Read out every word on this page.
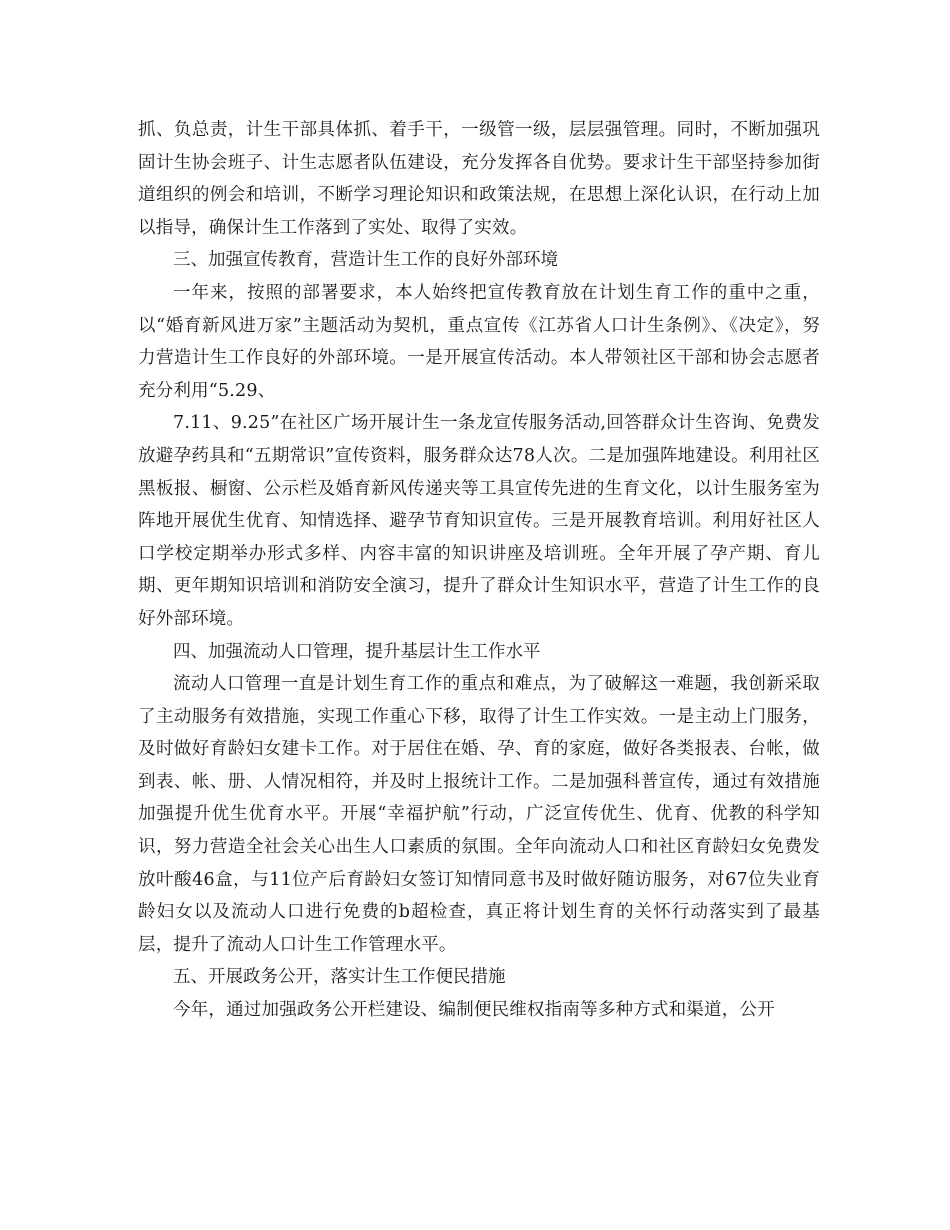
抓、负总责，计生干部具体抓、着手干，一级管一级，层层强管理。同时，不断加强巩固计生协会班子、计生志愿者队伍建设，充分发挥各自优势。要求计生干部坚持参加街道组织的例会和培训，不断学习理论知识和政策法规，在思想上深化认识，在行动上加以指导，确保计生工作落到了实处、取得了实效。

三、加强宣传教育，营造计生工作的良好外部环境

一年来，按照的部署要求，本人始终把宣传教育放在计划生育工作的重中之重，以“婚育新风进万家”主题活动为契机，重点宣传《江苏省人口计生条例》、《决定》，努力营造计生工作良好的外部环境。一是开展宣传活动。本人带领社区干部和协会志愿者充分利用“5.29、

7.11、9.25”在社区广场开展计生一条龙宣传服务活动,回答群众计生咨询、免费发放避孕药具和“五期常识”宣传资料，服务群众达78人次。二是加强阵地建设。利用社区黑板报、橱窗、公示栏及婚育新风传递夹等工具宣传先进的生育文化，以计生服务室为阵地开展优生优育、知情选择、避孕节育知识宣传。三是开展教育培训。利用好社区人口学校定期举办形式多样、内容丰富的知识讲座及培训班。全年开展了孕产期、育儿期、更年期知识培训和消防安全演习，提升了群众计生知识水平，营造了计生工作的良好外部环境。

四、加强流动人口管理，提升基层计生工作水平

流动人口管理一直是计划生育工作的重点和难点，为了破解这一难题，我创新采取了主动服务有效措施，实现工作重心下移，取得了计生工作实效。一是主动上门服务，及时做好育龄妇女建卡工作。对于居住在婚、孕、育的家庭，做好各类报表、台帐，做到表、帐、册、人情况相符，并及时上报统计工作。二是加强科普宣传，通过有效措施加强提升优生优育水平。开展“幸福护航”行动，广泛宣传优生、优育、优教的科学知识，努力营造全社会关心出生人口素质的氛围。全年向流动人口和社区育龄妇女免费发放叶酸46盒，与11位产后育龄妇女签订知情同意书及时做好随访服务，对67位失业育龄妇女以及流动人口进行免费的b超检查，真正将计划生育的关怀行动落实到了最基层，提升了流动人口计生工作管理水平。

五、开展政务公开，落实计生工作便民措施

今年，通过加强政务公开栏建设、编制便民维权指南等多种方式和渠道，公开
